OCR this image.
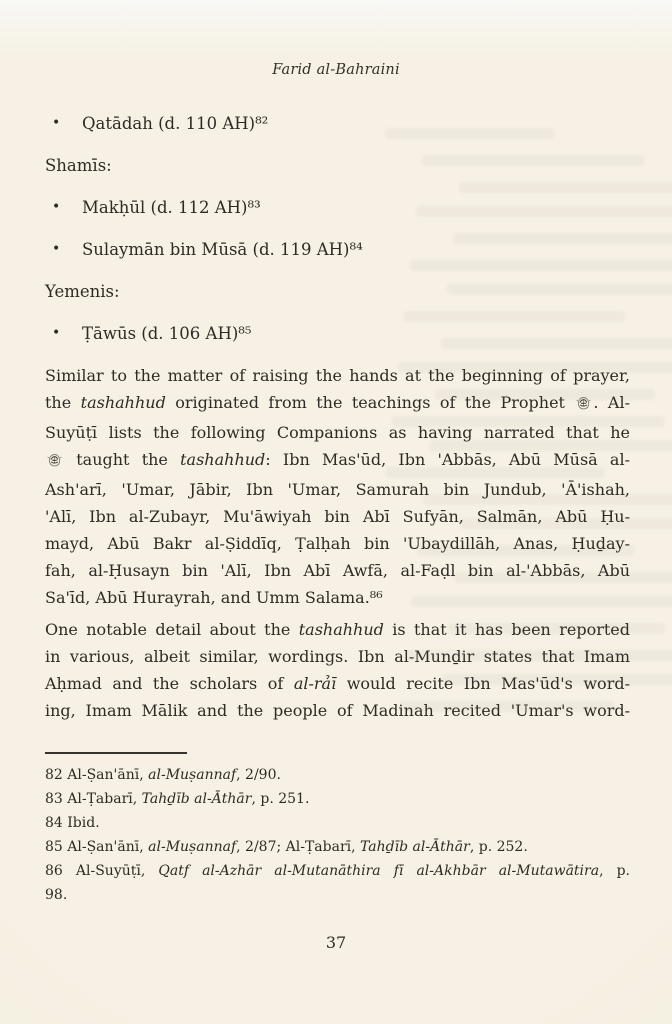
Farid al-Bahraini
•	Qatādah (d. 110 AH)⁸²
Shamīs:
•	Makḥūl (d. 112 AH)⁸³
•	Sulaymān bin Mūsā (d. 119 AH)⁸⁴
Yemenis:
•	Ṭāwūs (d. 106 AH)⁸⁵
Similar to the matter of raising the hands at the beginning of prayer,
the tashahhud originated from the teachings of the Prophet . Al-
Suyūṭī lists the following Companions as having narrated that he
taught the tashahhud: Ibn Mas'ūd, Ibn 'Abbās, Abū Mūsā al-
Ash'arī, 'Umar, Jābir, Ibn 'Umar, Samurah bin Jundub, 'Ā'ishah,
'Alī, Ibn al-Zubayr, Mu'āwiyah bin Abī Sufyān, Salmān, Abū Ḥu-
mayd, Abū Bakr al-Ṣiddīq, Ṭalḥah bin 'Ubaydillāh, Anas, Ḥuḏay-
fah, al-Ḥusayn bin 'Alī, Ibn Abī Awfā, al-Faḍl bin al-'Abbās, Abū
Sa'īd, Abū Hurayrah, and Umm Salama.⁸⁶
One notable detail about the tashahhud is that it has been reported
in various, albeit similar, wordings. Ibn al-Munḏir states that Imam
Aḥmad and the scholars of al-rảī would recite Ibn Mas'ūd's word-
ing, Imam Mālik and the people of Madinah recited 'Umar's word-
82 Al-Ṣan'ānī, al-Muṣannaf, 2/90.
83 Al-Ṭabarī, Tahḏīb al-Āthār, p. 251.
84 Ibid.
85 Al-Ṣan'ānī, al-Muṣannaf, 2/87; Al-Ṭabarī, Tahḏīb al-Āthār, p. 252.
86 Al-Suyūṭī, Qatf al-Azhār al-Mutanāthira fī al-Akhbār al-Mutawātira, p.
98.
37
